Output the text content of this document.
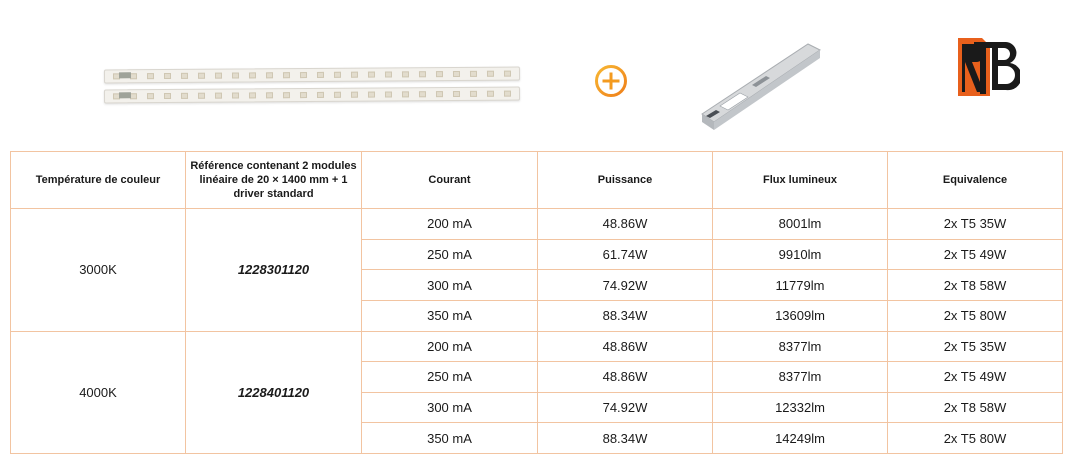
Température de couleur	Référence contenant 2 modules linéaire de 20 × 1400 mm + 1 driver standard	Courant	Puissance	Flux lumineux	Equivalence
3000K	1228301120	200 mA	48.86W	8001lm	2x T5 35W
		250 mA	61.74W	9910lm	2x T5 49W
		300 mA	74.92W	11779lm	2x T8 58W
		350 mA	88.34W	13609lm	2x T5 80W
4000K	1228401120	200 mA	48.86W	8377lm	2x T5 35W
		250 mA	48.86W	8377lm	2x T5 49W
		300 mA	74.92W	12332lm	2x T8 58W
		350 mA	88.34W	14249lm	2x T5 80W
